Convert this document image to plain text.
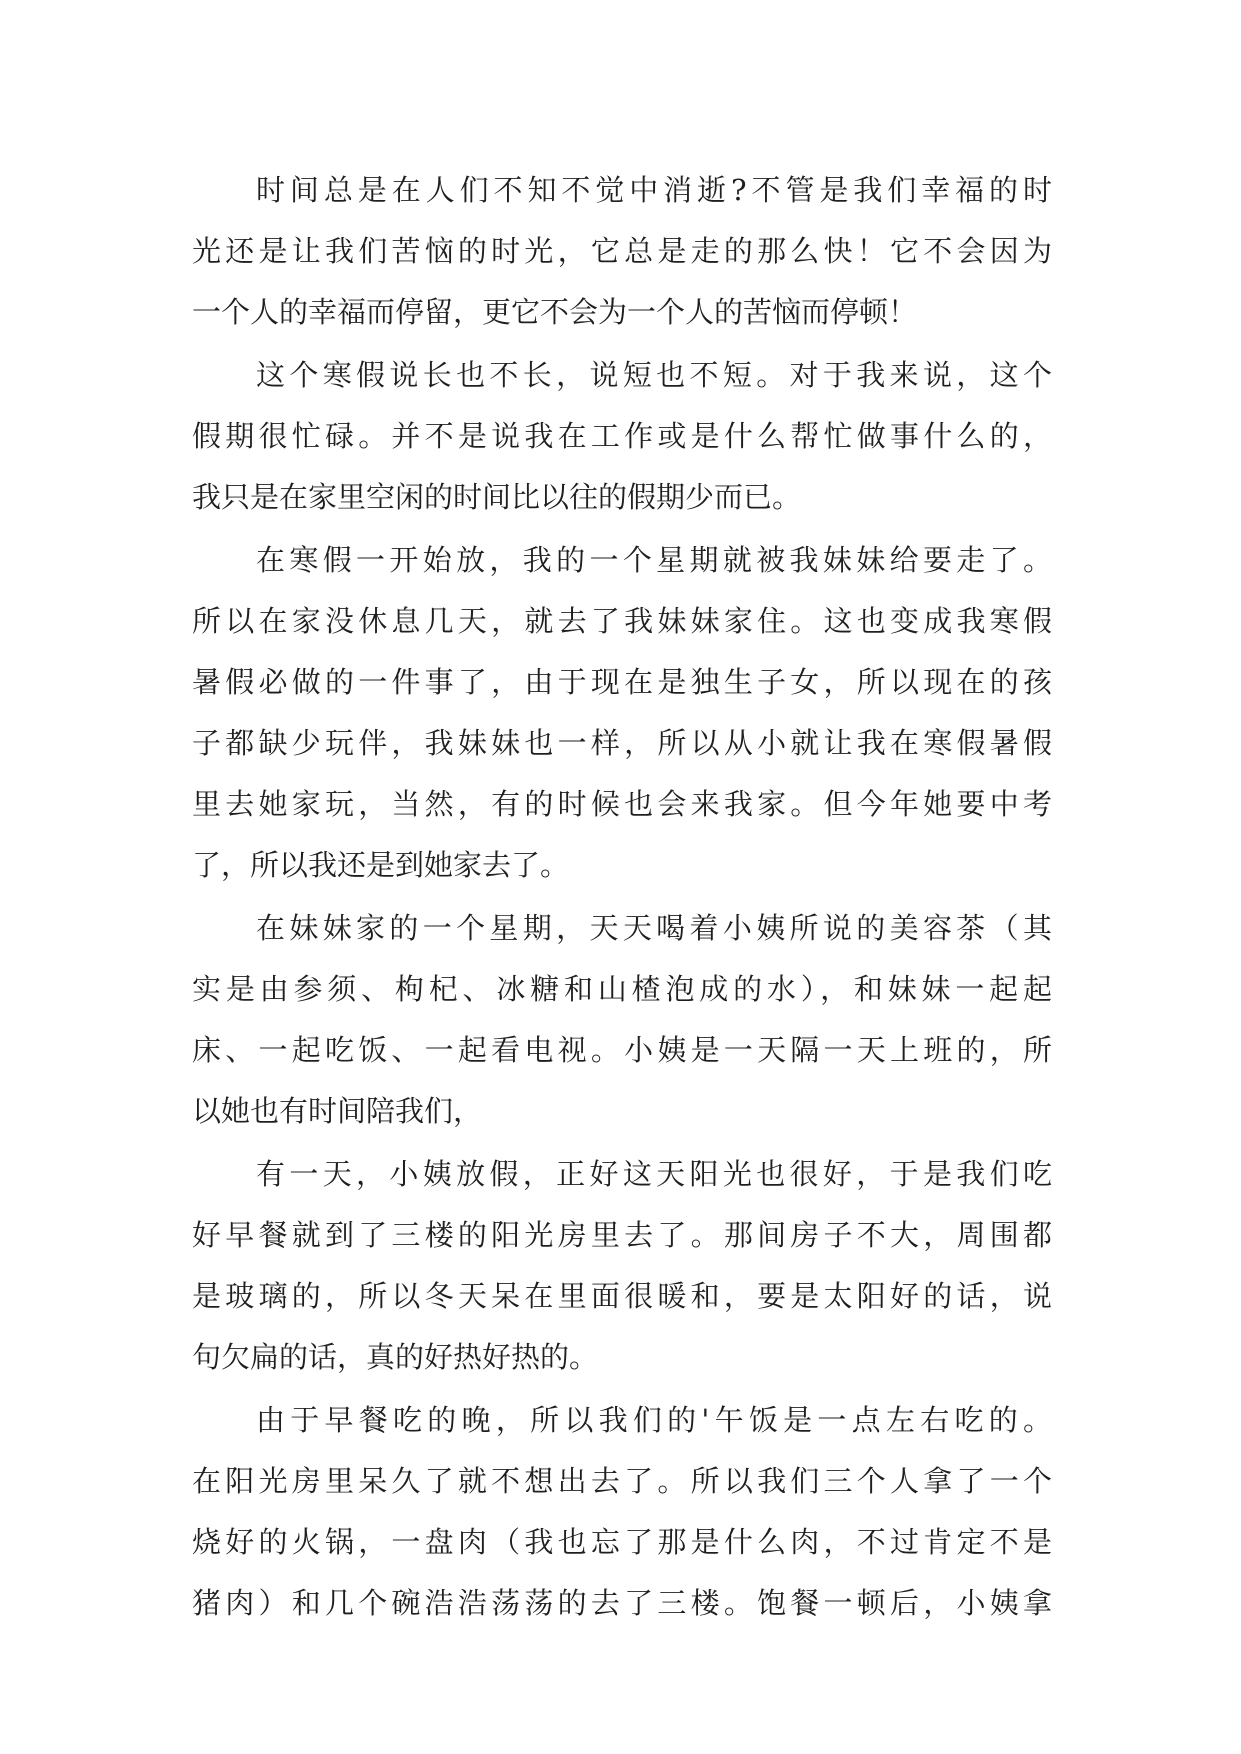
时间总是在人们不知不觉中消逝?不管是我们幸福的时
光还是让我们苦恼的时光，它总是走的那么快！它不会因为
一个人的幸福而停留，更它不会为一个人的苦恼而停顿！
这个寒假说长也不长，说短也不短。对于我来说，这个
假期很忙碌。并不是说我在工作或是什么帮忙做事什么的，
我只是在家里空闲的时间比以往的假期少而已。
在寒假一开始放，我的一个星期就被我妹妹给要走了。
所以在家没休息几天，就去了我妹妹家住。这也变成我寒假
暑假必做的一件事了，由于现在是独生子女，所以现在的孩
子都缺少玩伴，我妹妹也一样，所以从小就让我在寒假暑假
里去她家玩，当然，有的时候也会来我家。但今年她要中考
了，所以我还是到她家去了。
在妹妹家的一个星期，天天喝着小姨所说的美容茶（其
实是由参须、枸杞、冰糖和山楂泡成的水），和妹妹一起起
床、一起吃饭、一起看电视。小姨是一天隔一天上班的，所
以她也有时间陪我们，
有一天，小姨放假，正好这天阳光也很好，于是我们吃
好早餐就到了三楼的阳光房里去了。那间房子不大，周围都
是玻璃的，所以冬天呆在里面很暖和，要是太阳好的话，说
句欠扁的话，真的好热好热的。
由于早餐吃的晚，所以我们的'午饭是一点左右吃的。
在阳光房里呆久了就不想出去了。所以我们三个人拿了一个
烧好的火锅，一盘肉（我也忘了那是什么肉，不过肯定不是
猪肉）和几个碗浩浩荡荡的去了三楼。饱餐一顿后，小姨拿
